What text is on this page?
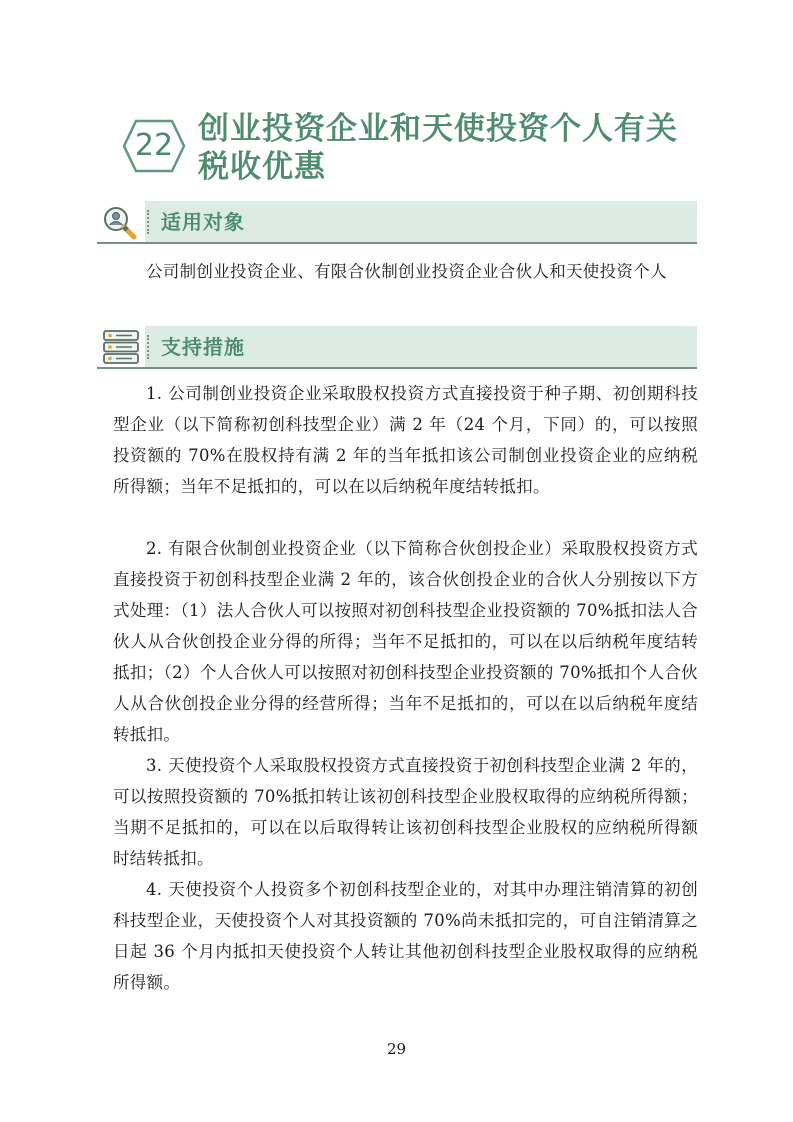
22 创业投资企业和天使投资个人有关税收优惠
适用对象

公司制创业投资企业、有限合伙制创业投资企业合伙人和天使投资个人

支持措施

1. 公司制创业投资企业采取股权投资方式直接投资于种子期、初创期科技型企业（以下简称初创科技型企业）满 2 年（24 个月，下同）的，可以按照投资额的 70%在股权持有满 2 年的当年抵扣该公司制创业投资企业的应纳税所得额；当年不足抵扣的，可以在以后纳税年度结转抵扣。

2. 有限合伙制创业投资企业（以下简称合伙创投企业）采取股权投资方式直接投资于初创科技型企业满 2 年的，该合伙创投企业的合伙人分别按以下方式处理：（1）法人合伙人可以按照对初创科技型企业投资额的 70%抵扣法人合伙人从合伙创投企业分得的所得；当年不足抵扣的，可以在以后纳税年度结转抵扣；（2）个人合伙人可以按照对初创科技型企业投资额的 70%抵扣个人合伙人从合伙创投企业分得的经营所得；当年不足抵扣的，可以在以后纳税年度结转抵扣。

3. 天使投资个人采取股权投资方式直接投资于初创科技型企业满 2 年的，可以按照投资额的 70%抵扣转让该初创科技型企业股权取得的应纳税所得额；当期不足抵扣的，可以在以后取得转让该初创科技型企业股权的应纳税所得额时结转抵扣。

4. 天使投资个人投资多个初创科技型企业的，对其中办理注销清算的初创科技型企业，天使投资个人对其投资额的 70%尚未抵扣完的，可自注销清算之日起 36 个月内抵扣天使投资个人转让其他初创科技型企业股权取得的应纳税所得额。

29
